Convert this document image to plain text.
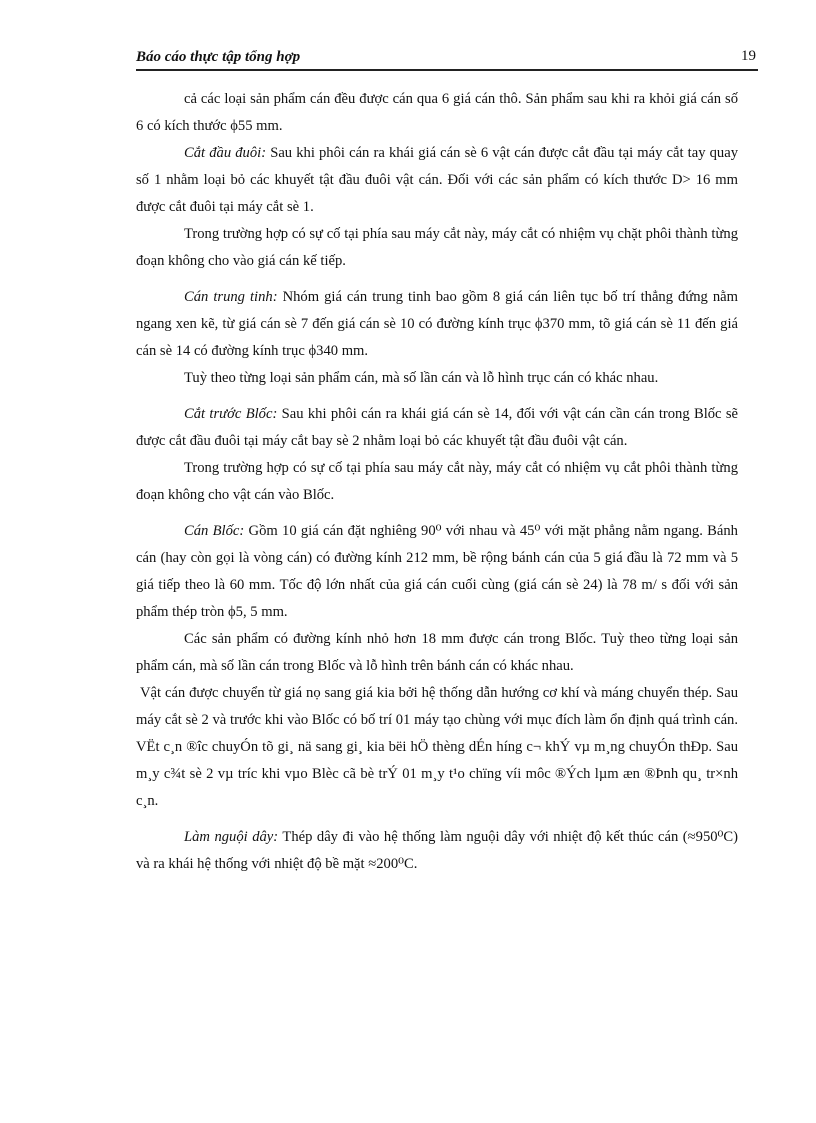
Báo cáo thực tập tổng hợp	19

cả các loại sản phẩm cán đều được cán qua 6 giá cán thô. Sản phẩm sau khi ra khỏi giá cán số 6 có kích thước ϕ55 mm.

Cắt đầu đuôi: Sau khi phôi cán ra khái giá cán sè 6 vật cán được cắt đầu tại máy cắt tay quay số 1 nhằm loại bỏ các khuyết tật đầu đuôi vật cán. Đối với các sản phẩm có kích thước D> 16 mm được cắt đuôi tại máy cắt sè 1.

Trong trường hợp có sự cố tại phía sau máy cắt này, máy cắt có nhiệm vụ chặt phôi thành từng đoạn không cho vào giá cán kế tiếp.

Cán trung tinh: Nhóm giá cán trung tinh bao gồm 8 giá cán liên tục bố trí thẳng đứng nằm ngang xen kẽ, từ giá cán sè 7 đến giá cán sè 10 có đường kính trục ϕ370 mm, tõ giá cán sè 11 đến giá cán sè 14 có đường kính trục ϕ340 mm.

Tuỳ theo từng loại sản phẩm cán, mà số lần cán và lỗ hình trục cán có khác nhau.

Cắt trước Blốc: Sau khi phôi cán ra khái giá cán sè 14, đối với vật cán cần cán trong Blốc sẽ được cắt đầu đuôi tại máy cắt bay sè 2 nhằm loại bỏ các khuyết tật đầu đuôi vật cán.

Trong trường hợp có sự cố tại phía sau máy cắt này, máy cắt có nhiệm vụ cắt phôi thành từng đoạn không cho vật cán vào Blốc.

Cán Blốc: Gồm 10 giá cán đặt nghiêng 90⁰ với nhau và 45⁰ với mặt phẳng nằm ngang. Bánh cán (hay còn gọi là vòng cán) có đường kính 212 mm, bề rộng bánh cán của 5 giá đầu là 72 mm và 5 giá tiếp theo là 60 mm. Tốc độ lớn nhất của giá cán cuối cùng (giá cán sè 24) là 78 m/ s đối với sản phẩm thép tròn ϕ5, 5 mm.

Các sản phẩm có đường kính nhỏ hơn 18 mm được cán trong Blốc. Tuỳ theo từng loại sản phẩm cán, mà số lần cán trong Blốc và lỗ hình trên bánh cán có khác nhau.

Vật cán được chuyển từ giá nọ sang giá kia bởi hệ thống dẫn hướng cơ khí và máng chuyển thép. Sau máy cắt sè 2 và trước khi vào Blốc có bố trí 01 máy tạo chùng với mục đích làm ổn định quá trình cán. VËt c¸n ®îc chuyÓn tõ gi¸ nä sang gi¸ kia bëi hÖ thèng dÉn híng c¬ khÝ vµ m¸ng chuyÓn thÐp. Sau m¸y c¾t sè 2 vµ tríc khi vµo Blèc cã bè trÝ 01 m¸y t¹o chïng víi môc ®Ých lµm æn ®Þnh qu¸ tr×nh c¸n.

Làm nguội dây: Thép dây đi vào hệ thống làm nguội dây với nhiệt độ kết thúc cán (≈950⁰C) và ra khái hệ thống với nhiệt độ bề mặt ≈200⁰C.
